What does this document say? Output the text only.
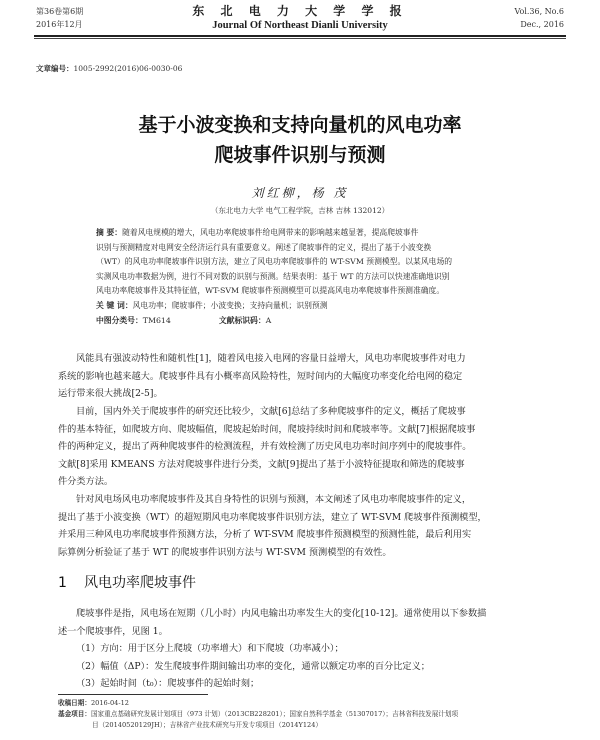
第36卷第6期
2016年12月
东 北 电 力 大 学 学 报
Journal Of Northeast Dianli University
Vol.36, No.6
Dec., 2016
文章编号：1005-2992(2016)06-0030-06
基于小波变换和支持向量机的风电功率
爬坡事件识别与预测
刘红柳，杨 茂
（东北电力大学 电气工程学院，吉林 吉林 132012）
摘 要：随着风电规模的增大，风电功率爬坡事件给电网带来的影响越来越显著，提高爬坡事件
识别与预测精度对电网安全经济运行具有重要意义。阐述了爬坡事件的定义，提出了基于小波变换
（WT）的风电功率爬坡事件识别方法，建立了风电功率爬坡事件的 WT-SVM 预测模型。以某风电场的
实测风电功率数据为例，进行不同对数的识别与预测。结果表明：基于 WT 的方法可以快速准确地识别
风电功率爬坡事件及其特征值，WT-SVM 爬坡事件预测模型可以提高风电功率爬坡事件预测准确度。
关 键 词：风电功率；爬坡事件；小波变换；支持向量机；识别预测
中图分类号：TM614	文献标识码：A
风能具有强波动特性和随机性[1]，随着风电接入电网的容量日益增大，风电功率爬坡事件对电力
系统的影响也越来越大。爬坡事件具有小概率高风险特性，短时间内的大幅度功率变化给电网的稳定
运行带来很大挑战[2-5]。
目前，国内外关于爬坡事件的研究还比较少，文献[6]总结了多种爬坡事件的定义，概括了爬坡事
件的基本特征，如爬坡方向、爬坡幅值，爬坡起始时间，爬坡持续时间和爬坡率等。文献[7]根据爬坡事
件的两种定义，提出了两种爬坡事件的检测流程，并有效检测了历史风电功率时间序列中的爬坡事件。
文献[8]采用 KMEANS 方法对爬坡事件进行分类，文献[9]提出了基于小波特征提取和筛选的爬坡事
件分类方法。
针对风电场风电功率爬坡事件及其自身特性的识别与预测，本文阐述了风电功率爬坡事件的定义，
提出了基于小波变换（WT）的超短期风电功率爬坡事件识别方法，建立了 WT-SVM 爬坡事件预测模型，
并采用三种风电功率爬坡事件预测方法，分析了 WT-SVM 爬坡事件预测模型的预测性能，最后利用实
际算例分析验证了基于 WT 的爬坡事件识别方法与 WT-SVM 预测模型的有效性。
1 风电功率爬坡事件
爬坡事件是指，风电场在短期（几小时）内风电输出功率发生大的变化[10-12]。通常使用以下参数描
述一个爬坡事件，见图 1。
（1）方向：用于区分上爬坡（功率增大）和下爬坡（功率减小）；
（2）幅值（ΔP）：发生爬坡事件期间输出功率的变化，通常以额定功率的百分比定义；
（3）起始时间（t₀）：爬坡事件的起始时刻；
收稿日期：2016-04-12
基金项目：国家重点基础研究发展计划项目（973 计划）（2013CB228201）；国家自然科学基金（51307017）；吉林省科技发展计划项
目（20140520129JH）；吉林省产业技术研究与开发专项项目（2014Y124）
